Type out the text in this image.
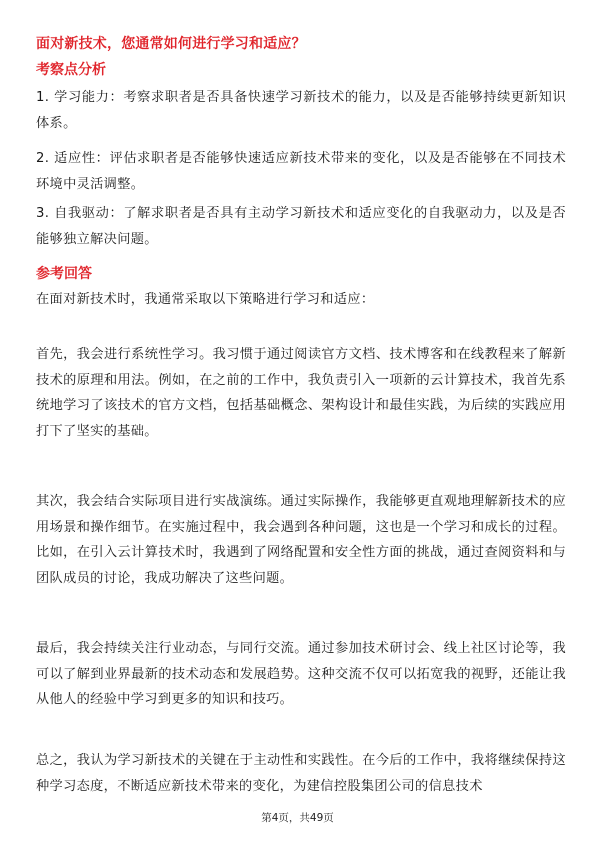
面对新技术，您通常如何进行学习和适应？
考察点分析
1. 学习能力：考察求职者是否具备快速学习新技术的能力，以及是否能够持续更新知识体系。
2. 适应性：评估求职者是否能够快速适应新技术带来的变化，以及是否能够在不同技术环境中灵活调整。
3. 自我驱动：了解求职者是否具有主动学习新技术和适应变化的自我驱动力，以及是否能够独立解决问题。
参考回答
在面对新技术时，我通常采取以下策略进行学习和适应：
首先，我会进行系统性学习。我习惯于通过阅读官方文档、技术博客和在线教程来了解新技术的原理和用法。例如，在之前的工作中，我负责引入一项新的云计算技术，我首先系统地学习了该技术的官方文档，包括基础概念、架构设计和最佳实践，为后续的实践应用打下了坚实的基础。
其次，我会结合实际项目进行实战演练。通过实际操作，我能够更直观地理解新技术的应用场景和操作细节。在实施过程中，我会遇到各种问题，这也是一个学习和成长的过程。比如，在引入云计算技术时，我遇到了网络配置和安全性方面的挑战，通过查阅资料和与团队成员的讨论，我成功解决了这些问题。
最后，我会持续关注行业动态，与同行交流。通过参加技术研讨会、线上社区讨论等，我可以了解到业界最新的技术动态和发展趋势。这种交流不仅可以拓宽我的视野，还能让我从他人的经验中学习到更多的知识和技巧。
总之，我认为学习新技术的关键在于主动性和实践性。在今后的工作中，我将继续保持这种学习态度，不断适应新技术带来的变化，为建信控股集团公司的信息技术
第4页，共49页
